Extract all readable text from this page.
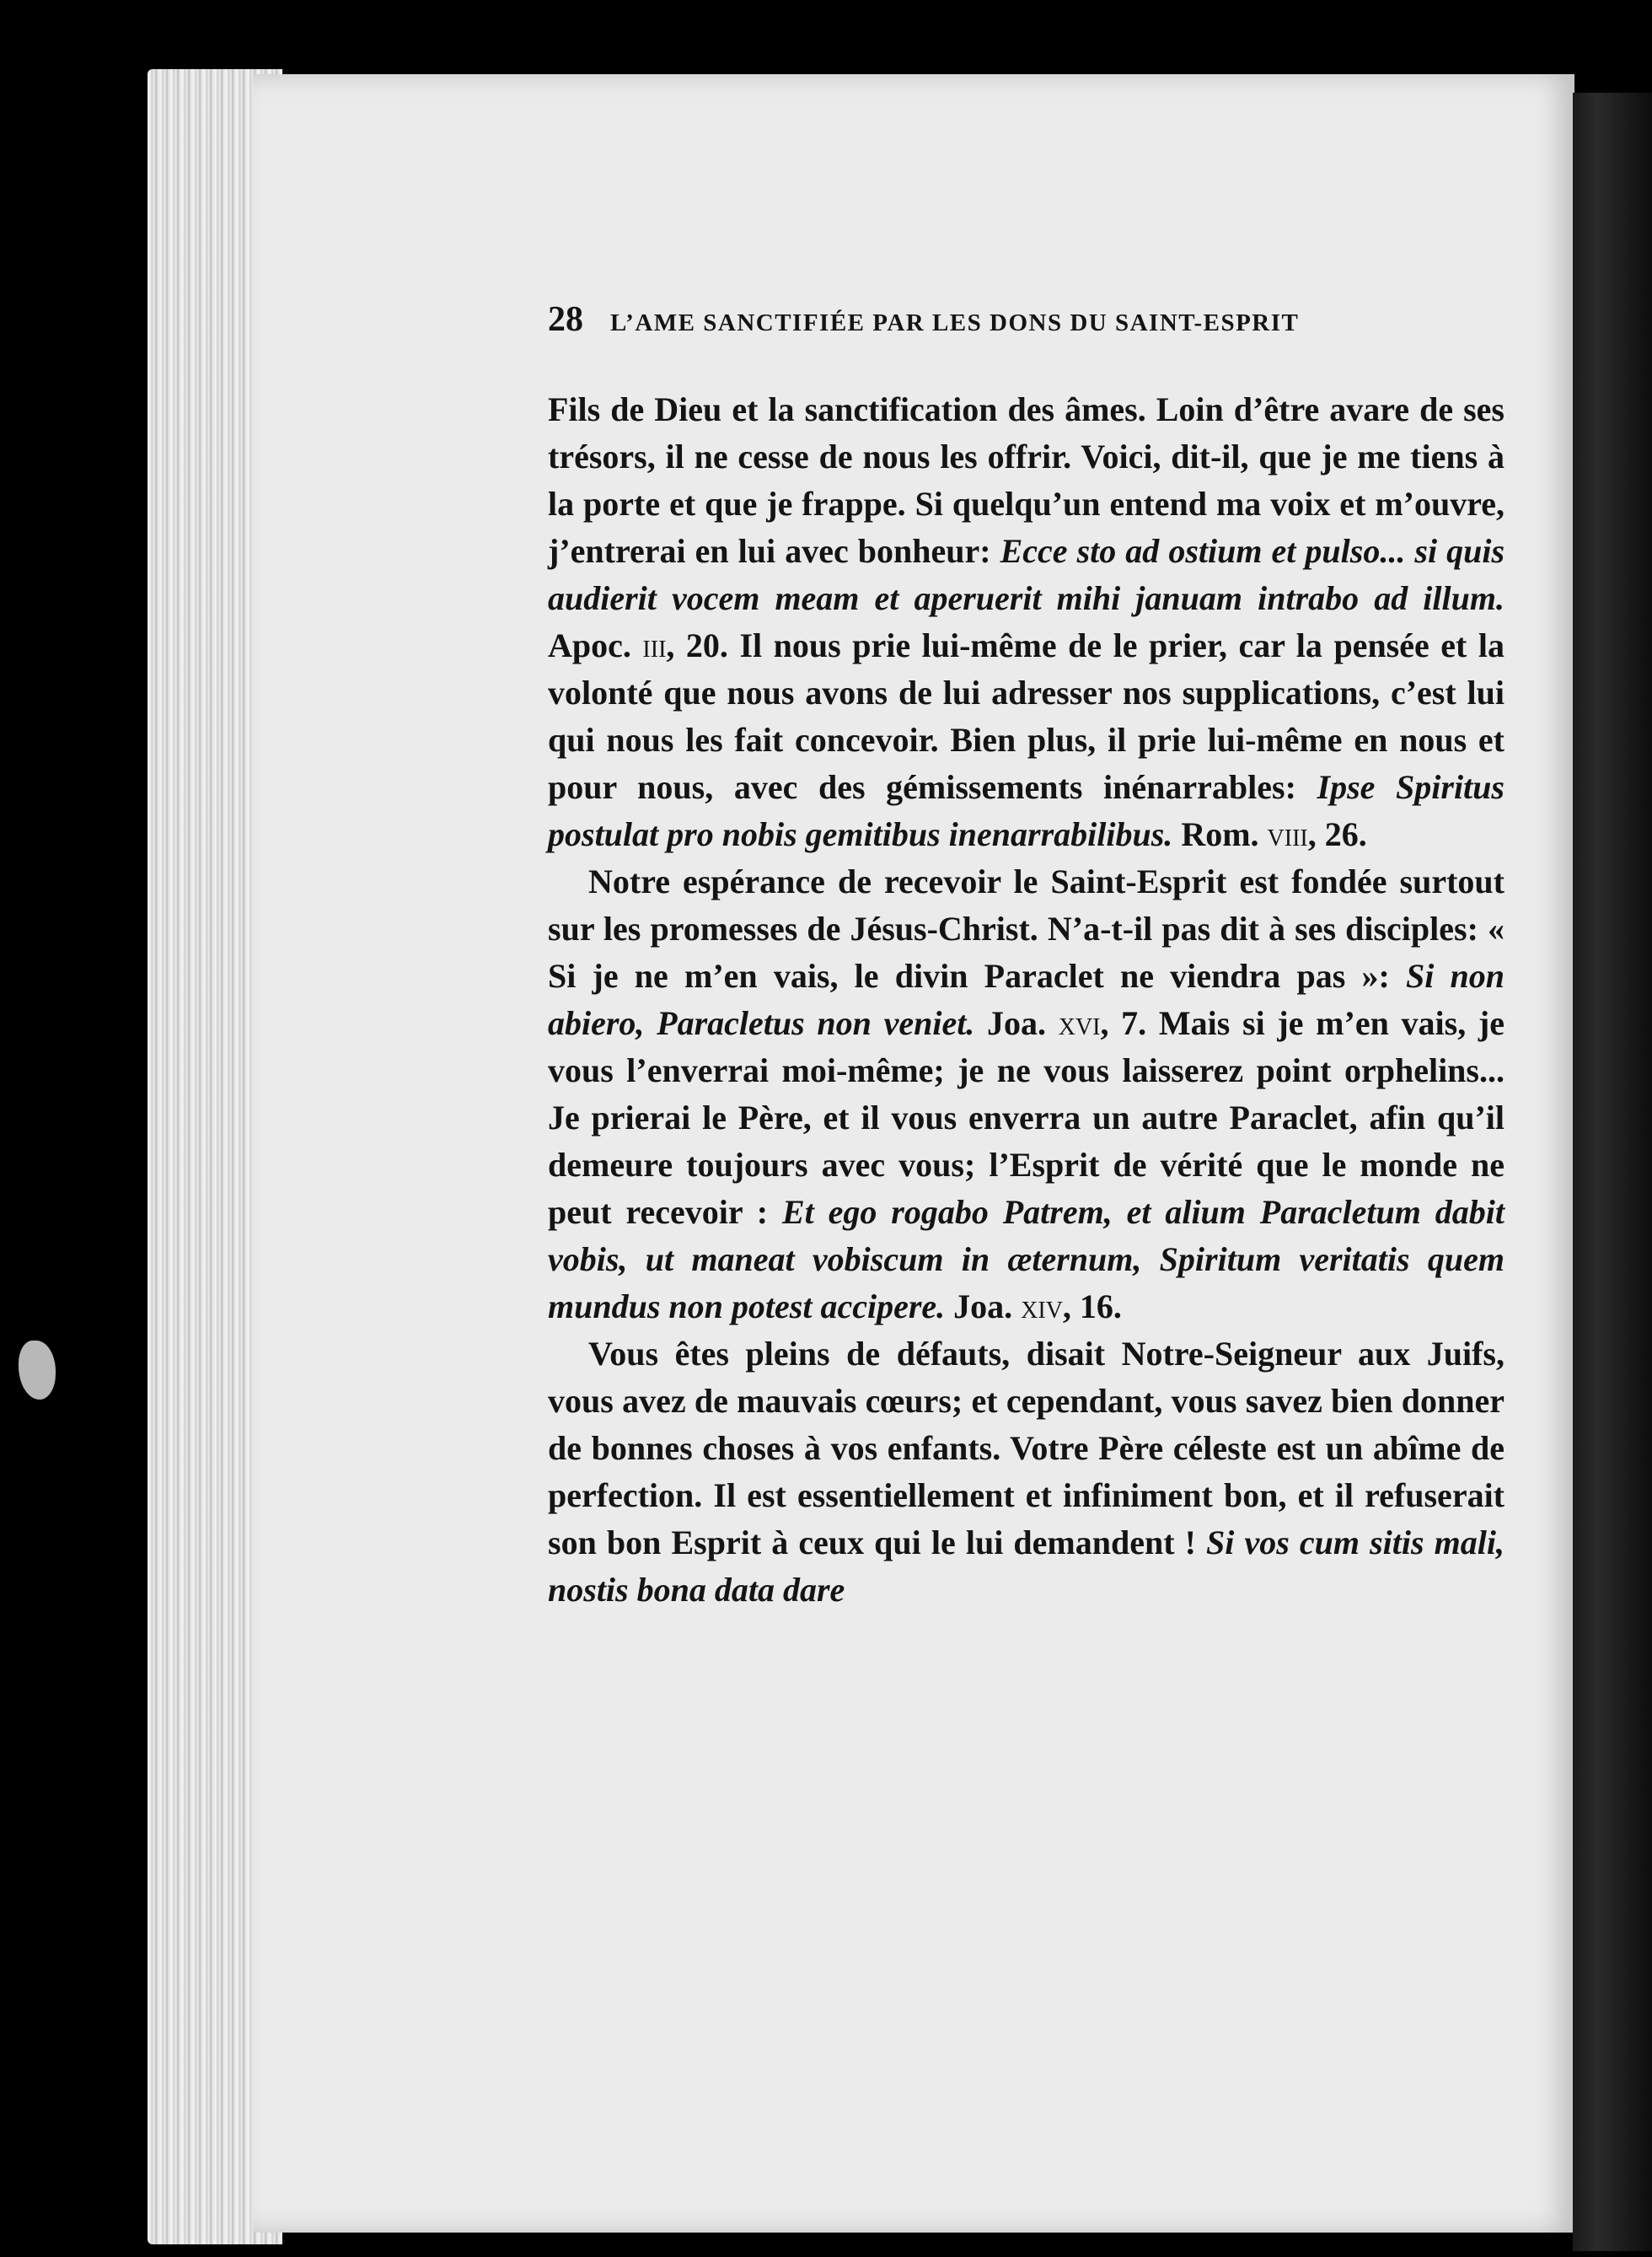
28 L’AME SANCTIFIÉE PAR LES DONS DU SAINT-ESPRIT

Fils de Dieu et la sanctification des âmes. Loin d’être avare de ses trésors, il ne cesse de nous les offrir. Voici, dit-il, que je me tiens à la porte et que je frappe. Si quelqu’un entend ma voix et m’ouvre, j’entrerai en lui avec bonheur: Ecce sto ad ostium et pulso... si quis audierit vocem meam et aperuerit mihi januam intrabo ad illum. Apoc. iii, 20. Il nous prie lui-même de le prier, car la pensée et la volonté que nous avons de lui adresser nos supplications, c’est lui qui nous les fait concevoir. Bien plus, il prie lui-même en nous et pour nous, avec des gémissements inénarrables: Ipse Spiritus postulat pro nobis gemitibus inenarrabilibus. Rom. viii, 26.

Notre espérance de recevoir le Saint-Esprit est fondée surtout sur les promesses de Jésus-Christ. N’a-t-il pas dit à ses disciples: « Si je ne m’en vais, le divin Paraclet ne viendra pas »: Si non abiero, Paracletus non veniet. Joa. xvi, 7. Mais si je m’en vais, je vous l’enverrai moi-même; je ne vous laisserez point orphelins... Je prierai le Père, et il vous enverra un autre Paraclet, afin qu’il demeure toujours avec vous; l’Esprit de vérité que le monde ne peut recevoir : Et ego rogabo Patrem, et alium Paracletum dabit vobis, ut maneat vobiscum in æternum, Spiritum veritatis quem mundus non potest accipere. Joa. xiv, 16.

Vous êtes pleins de défauts, disait Notre-Seigneur aux Juifs, vous avez de mauvais cœurs; et cependant, vous savez bien donner de bonnes choses à vos enfants. Votre Père céleste est un abîme de perfection. Il est essentiellement et infiniment bon, et il refuserait son bon Esprit à ceux qui le lui demandent ! Si vos cum sitis mali, nostis bona data dare
